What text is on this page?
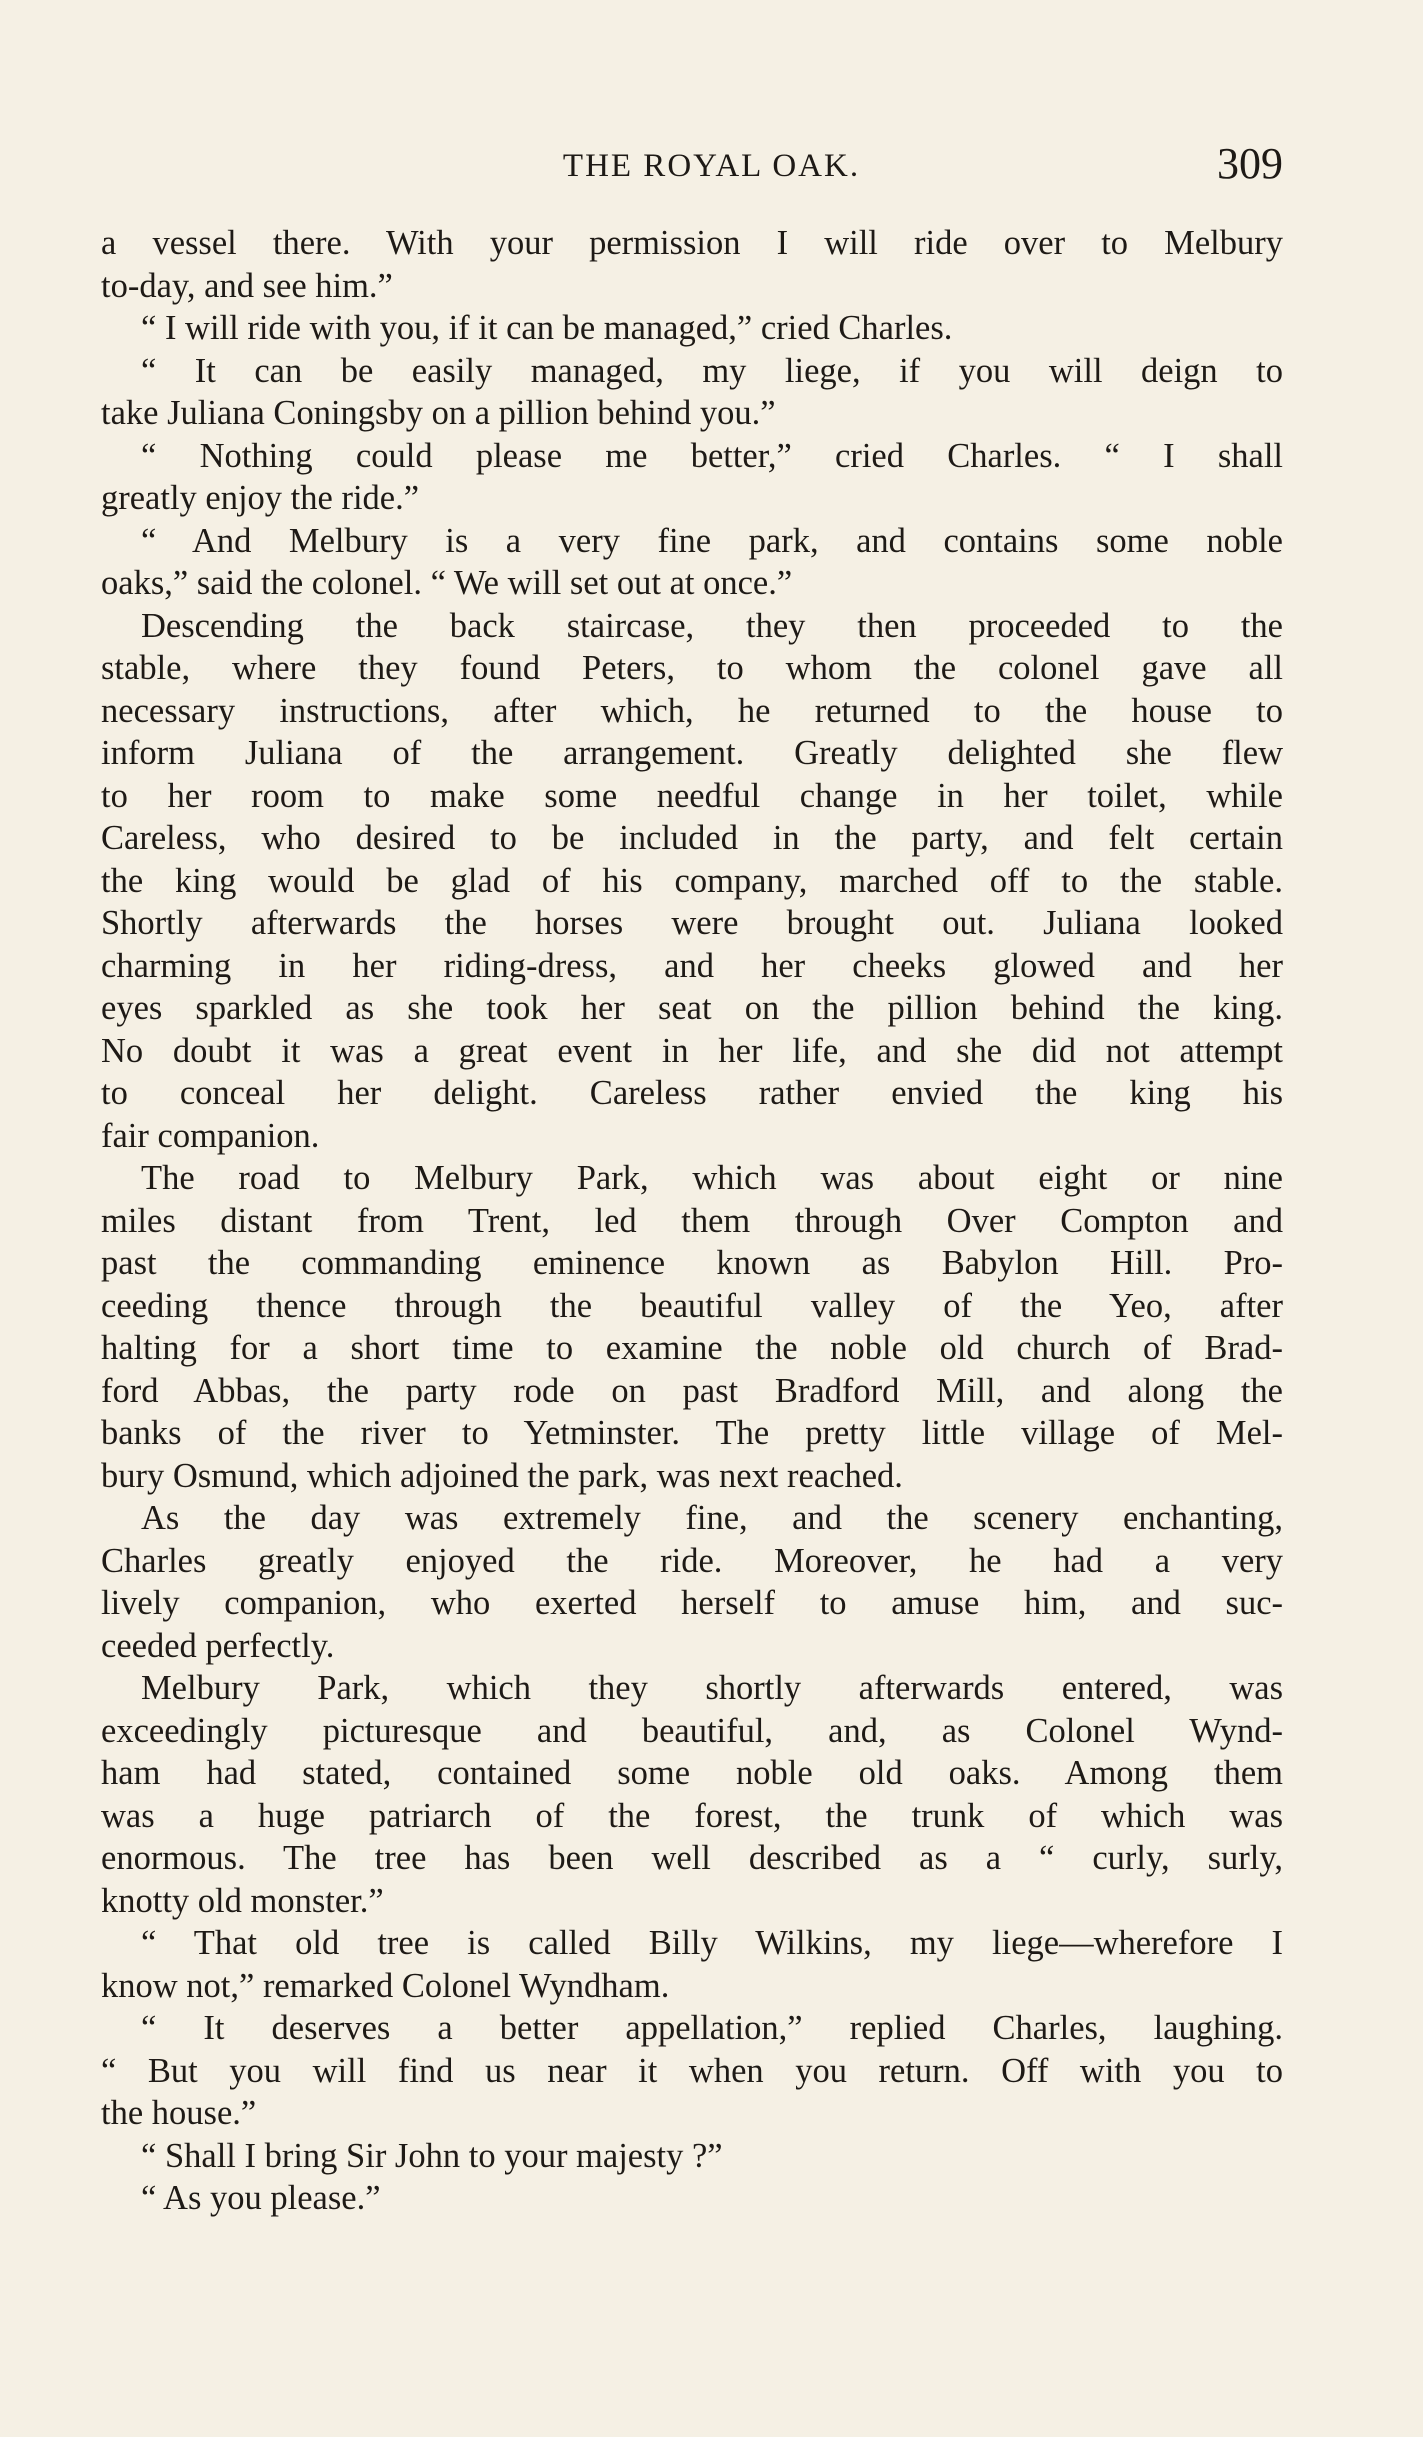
THE ROYAL OAK.	309
a vessel there. With your permission I will ride over to Melbury
to-day, and see him.”
“ I will ride with you, if it can be managed,” cried Charles.
“ It can be easily managed, my liege, if you will deign to
take Juliana Coningsby on a pillion behind you.”
“ Nothing could please me better,” cried Charles. “ I shall
greatly enjoy the ride.”
“ And Melbury is a very fine park, and contains some noble
oaks,” said the colonel. “ We will set out at once.”
Descending the back staircase, they then proceeded to the
stable, where they found Peters, to whom the colonel gave all
necessary instructions, after which, he returned to the house to
inform Juliana of the arrangement. Greatly delighted she flew
to her room to make some needful change in her toilet, while
Careless, who desired to be included in the party, and felt certain
the king would be glad of his company, marched off to the stable.
Shortly afterwards the horses were brought out. Juliana looked
charming in her riding-dress, and her cheeks glowed and her
eyes sparkled as she took her seat on the pillion behind the king.
No doubt it was a great event in her life, and she did not attempt
to conceal her delight. Careless rather envied the king his
fair companion.
The road to Melbury Park, which was about eight or nine
miles distant from Trent, led them through Over Compton and
past the commanding eminence known as Babylon Hill. Pro-
ceeding thence through the beautiful valley of the Yeo, after
halting for a short time to examine the noble old church of Brad-
ford Abbas, the party rode on past Bradford Mill, and along the
banks of the river to Yetminster. The pretty little village of Mel-
bury Osmund, which adjoined the park, was next reached.
As the day was extremely fine, and the scenery enchanting,
Charles greatly enjoyed the ride. Moreover, he had a very
lively companion, who exerted herself to amuse him, and suc-
ceeded perfectly.
Melbury Park, which they shortly afterwards entered, was
exceedingly picturesque and beautiful, and, as Colonel Wynd-
ham had stated, contained some noble old oaks. Among them
was a huge patriarch of the forest, the trunk of which was
enormous. The tree has been well described as a “ curly, surly,
knotty old monster.”
“ That old tree is called Billy Wilkins, my liege—wherefore I
know not,” remarked Colonel Wyndham.
“ It deserves a better appellation,” replied Charles, laughing.
“ But you will find us near it when you return. Off with you to
the house.”
“ Shall I bring Sir John to your majesty ?”
“ As you please.”
